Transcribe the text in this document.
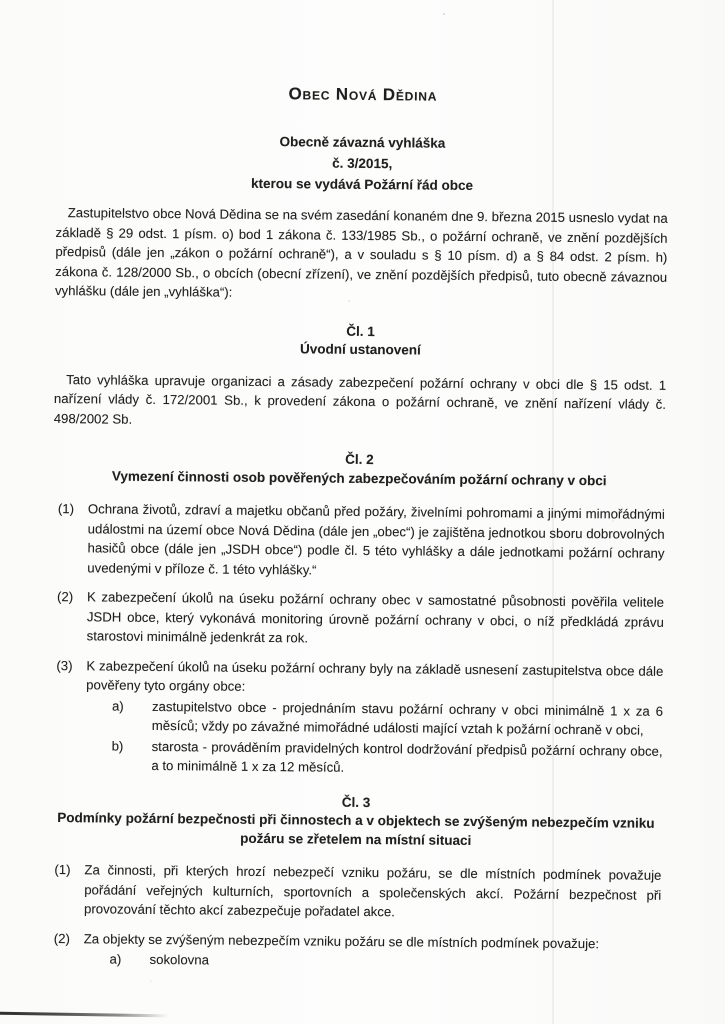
Obec Nová Dědina
Obecně závazná vyhláška
č. 3/2015,
kterou se vydává Požární řád obce

Zastupitelstvo obce Nová Dědina se na svém zasedání konaném dne 9. března 2015 usneslo vydat na základě § 29 odst. 1 písm. o) bod 1 zákona č. 133/1985 Sb., o požární ochraně, ve znění pozdějších předpisů (dále jen „zákon o požární ochraně“), a v souladu s § 10 písm. d) a § 84 odst. 2 písm. h) zákona č. 128/2000 Sb., o obcích (obecní zřízení), ve znění pozdějších předpisů, tuto obecně závaznou vyhlášku (dále jen „vyhláška“):

Čl. 1
Úvodní ustanovení

Tato vyhláška upravuje organizaci a zásady zabezpečení požární ochrany v obci dle § 15 odst. 1 nařízení vlády č. 172/2001 Sb., k provedení zákona o požární ochraně, ve znění nařízení vlády č. 498/2002 Sb.

Čl. 2
Vymezení činnosti osob pověřených zabezpečováním požární ochrany v obci
(1)	Ochrana životů, zdraví a majetku občanů před požáry, živelními pohromami a jinými mimořádnými událostmi na území obce Nová Dědina (dále jen „obec“) je zajištěna jednotkou sboru dobrovolných hasičů obce (dále jen „JSDH obce“) podle čl. 5 této vyhlášky a dále jednotkami požární ochrany uvedenými v příloze č. 1 této vyhlášky.“
(2)	K zabezpečení úkolů na úseku požární ochrany obec v samostatné působnosti pověřila velitele JSDH obce, který vykonává monitoring úrovně požární ochrany v obci, o níž předkládá zprávu starostovi minimálně jedenkrát za rok.
(3)	K zabezpečení úkolů na úseku požární ochrany byly na základě usnesení zastupitelstva obce dále pověřeny tyto orgány obce:
a)	zastupitelstvo obce - projednáním stavu požární ochrany v obci minimálně 1 x za 6 měsíců; vždy po závažné mimořádné události mající vztah k požární ochraně v obci,
b)	starosta - prováděním pravidelných kontrol dodržování předpisů požární ochrany obce, a to minimálně 1 x za 12 měsíců.
Čl. 3
Podmínky požární bezpečnosti při činnostech a v objektech se zvýšeným nebezpečím vzniku požáru se zřetelem na místní situaci
(1)	Za činnosti, při kterých hrozí nebezpečí vzniku požáru, se dle místních podmínek považuje pořádání veřejných kulturních, sportovních a společenských akcí. Požární bezpečnost při provozování těchto akcí zabezpečuje pořadatel akce.
(2)	Za objekty se zvýšeným nebezpečím vzniku požáru se dle místních podmínek považuje:
a)	sokolovna
